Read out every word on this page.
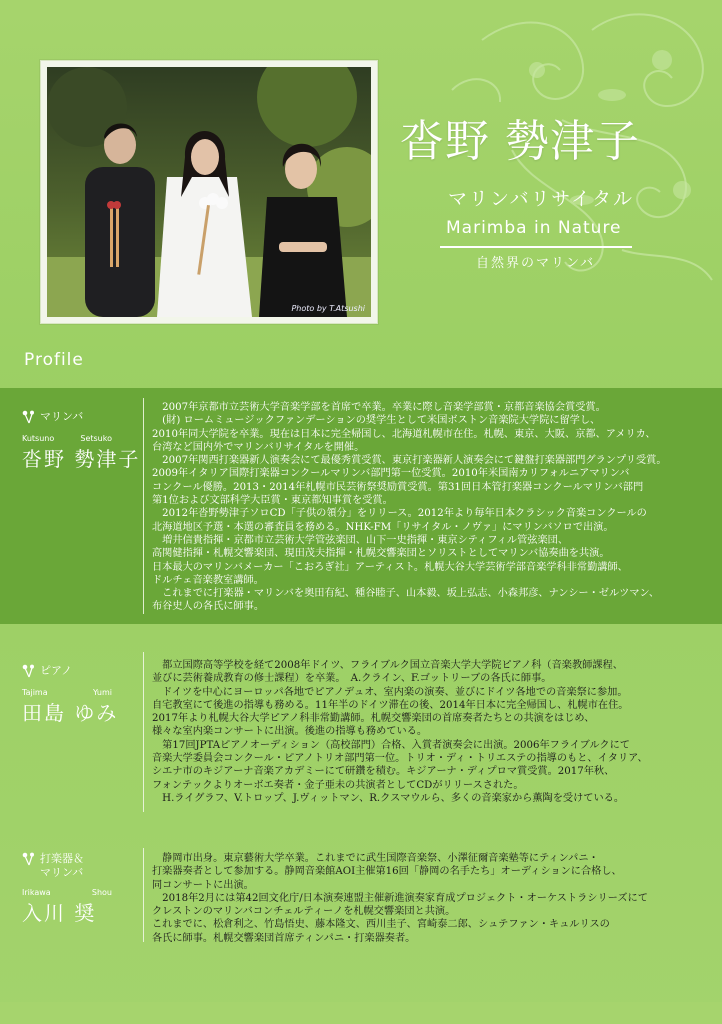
Photo by T.Atsushi
沓野 勢津子
マリンバリサイタル
Marimba in Nature
自然界のマリンバ
Profile
マリンバ
Kutsuno	Setsuko
沓野 勢津子

　2007年京都市立芸術大学音楽学部を首席で卒業。卒業に際し音楽学部賞・京都音楽協会賞受賞。

　(財) ロームミュージックファンデーションの奨学生として米国ボストン音楽院大学院に留学し、

2010年同大学院を卒業。現在は日本に完全帰国し、北海道札幌市在住。札幌、東京、大阪、京都、アメリカ、

台湾など国内外でマリンバリサイタルを開催。

　2007年関西打楽器新人演奏会にて最優秀賞受賞、東京打楽器新人演奏会にて鍵盤打楽器部門グランプリ受賞。

2009年イタリア国際打楽器コンクールマリンバ部門第一位受賞。2010年米国南カリフォルニアマリンバ

コンクール優勝。2013・2014年札幌市民芸術祭奨励賞受賞。第31回日本管打楽器コンクールマリンバ部門

第1位および文部科学大臣賞・東京都知事賞を受賞。

　2012年沓野勢津子ソロCD「子供の領分」をリリース。2012年より毎年日本クラシック音楽コンクールの

北海道地区予選・本選の審査員を務める。NHK-FM「リサイタル・ノヴァ」にマリンバソロで出演。

　増井信貴指揮・京都市立芸術大学管弦楽団、山下一史指揮・東京シティフィル管弦楽団、

高関健指揮・札幌交響楽団、現田茂夫指揮・札幌交響楽団とソリストとしてマリンバ協奏曲を共演。

日本最大のマリンバメーカー「こおろぎ社」アーティスト。札幌大谷大学芸術学部音楽学科非常勤講師、

ドルチェ音楽教室講師。

　これまでに打楽器・マリンバを奥田有紀、種谷睦子、山本毅、坂上弘志、小森邦彦、ナンシー・ゼルツマン、

布谷史人の各氏に師事。

ピアノ
Tajima	Yumi
田島 ゆみ

　都立国際高等学校を経て2008年ドイツ、フライブルク国立音楽大学大学院ピアノ科（音楽教師課程、

並びに芸術養成教育の修士課程）を卒業。　A.クライン、F.ゴットリーブの各氏に師事。

　ドイツを中心にヨーロッパ各地でピアノデュオ、室内楽の演奏、並びにドイツ各地での音楽祭に参加。

自宅教室にて後進の指導も務める。11年半のドイツ滞在の後、2014年日本に完全帰国し、札幌市在住。

2017年より札幌大谷大学ピアノ科非常勤講師。札幌交響楽団の首席奏者たちとの共演をはじめ、

様々な室内楽コンサートに出演。後進の指導も務めている。

　第17回JPTAピアノオーディション（高校部門）合格、入賞者演奏会に出演。2006年フライブルクにて

音楽大学委員会コンクール・ピアノトリオ部門第一位。トリオ・ディ・トリエステの指導のもと、イタリア、

シエナ市のキジアーナ音楽アカデミーにて研鑽を積む。キジアーナ・ディプロマ賞受賞。2017年秋、

フォンテックよりオーボエ奏者・金子亜未の共演者としてCDがリリースされた。

　H.ライグラフ、V.トロップ、J.ヴィットマン、R.クスマウルら、多くの音楽家から薫陶を受けている。

打楽器＆
マリンバ
Irikawa	Shou
入川 奨

　静岡市出身。東京藝術大学卒業。これまでに武生国際音楽祭、小澤征爾音楽塾等にティンパニ・

打楽器奏者として参加する。静岡音楽館AOI主催第16回「静岡の名手たち」オーディションに合格し、

同コンサートに出演。

　2018年2月には第42回文化庁/日本演奏連盟主催新進演奏家育成プロジェクト・オーケストラシリーズにて

クレストンのマリンバコンチェルティーノを札幌交響楽団と共演。

これまでに、松倉利之、竹島悟史、藤本隆文、西川圭子、宮崎泰二郎、シュテファン・キュルリスの

各氏に師事。札幌交響楽団首席ティンパニ・打楽器奏者。
